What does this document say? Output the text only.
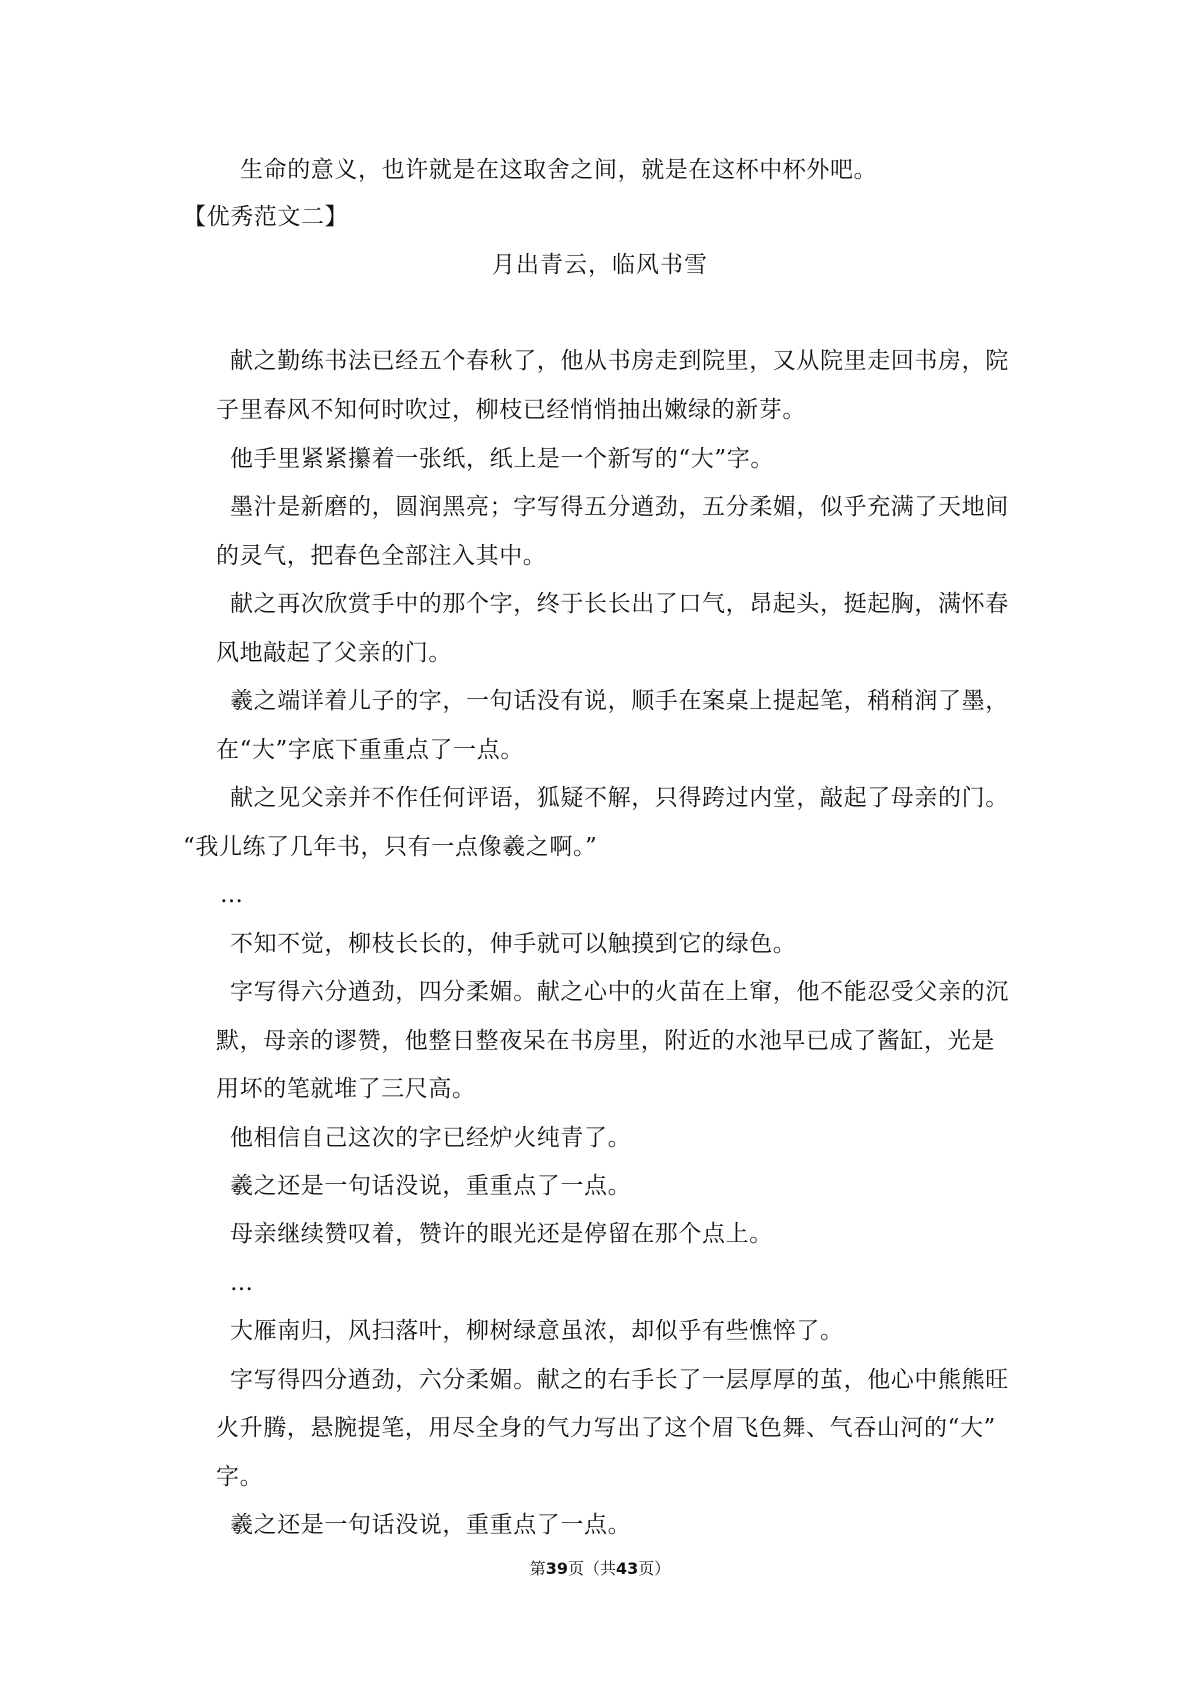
生命的意义，也许就是在这取舍之间，就是在这杯中杯外吧。
【优秀范文二】
月出青云，临风书雪
献之勤练书法已经五个春秋了，他从书房走到院里，又从院里走回书房，院
子里春风不知何时吹过，柳枝已经悄悄抽出嫩绿的新芽。
他手里紧紧攥着一张纸，纸上是一个新写的“大”字。
墨汁是新磨的，圆润黑亮；字写得五分遒劲，五分柔媚，似乎充满了天地间
的灵气，把春色全部注入其中。
献之再次欣赏手中的那个字，终于长长出了口气，昂起头，挺起胸，满怀春
风地敲起了父亲的门。
羲之端详着儿子的字，一句话没有说，顺手在案桌上提起笔，稍稍润了墨，
在“大”字底下重重点了一点。
献之见父亲并不作任何评语，狐疑不解，只得跨过内堂，敲起了母亲的门。
“我儿练了几年书，只有一点像羲之啊。”
…
不知不觉，柳枝长长的，伸手就可以触摸到它的绿色。
字写得六分遒劲，四分柔媚。献之心中的火苗在上窜，他不能忍受父亲的沉
默，母亲的谬赞，他整日整夜呆在书房里，附近的水池早已成了酱缸，光是
用坏的笔就堆了三尺高。
他相信自己这次的字已经炉火纯青了。
羲之还是一句话没说，重重点了一点。
母亲继续赞叹着，赞许的眼光还是停留在那个点上。
…
大雁南归，风扫落叶，柳树绿意虽浓，却似乎有些憔悴了。
字写得四分遒劲，六分柔媚。献之的右手长了一层厚厚的茧，他心中熊熊旺
火升腾，悬腕提笔，用尽全身的气力写出了这个眉飞色舞、气吞山河的“大”
字。
羲之还是一句话没说，重重点了一点。
第39页（共43页）
